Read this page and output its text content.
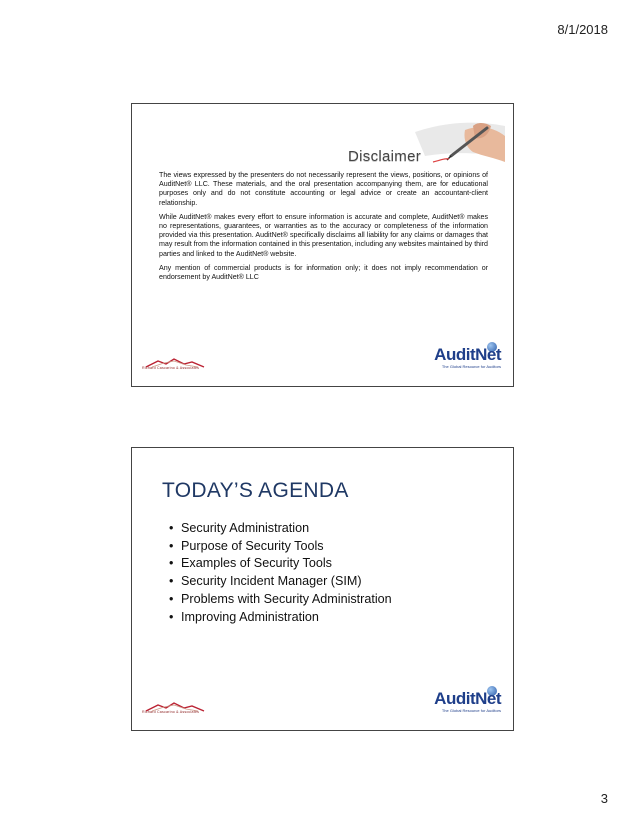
8/1/2018
Disclaimer

The views expressed by the presenters do not necessarily represent the views, positions, or opinions of AuditNet® LLC. These materials, and the oral presentation accompanying them, are for educational purposes only and do not constitute accounting or legal advice or create an accountant-client relationship.

While AuditNet® makes every effort to ensure information is accurate and complete, AuditNet® makes no representations, guarantees, or warranties as to the accuracy or completeness of the information provided via this presentation. AuditNet® specifically disclaims all liability for any claims or damages that may result from the information contained in this presentation, including any websites maintained by third parties and linked to the AuditNet® website.

Any mention of commercial products is for information only; it does not imply recommendation or endorsement by AuditNet® LLC

Richard Cascarino & Associates
AuditNet
The Global Resource for Auditors
TODAY’S AGENDA
• Security Administration
• Purpose of Security Tools
• Examples of Security Tools
• Security Incident Manager (SIM)
• Problems with Security Administration
• Improving Administration
Richard Cascarino & Associates
AuditNet
The Global Resource for Auditors
3
